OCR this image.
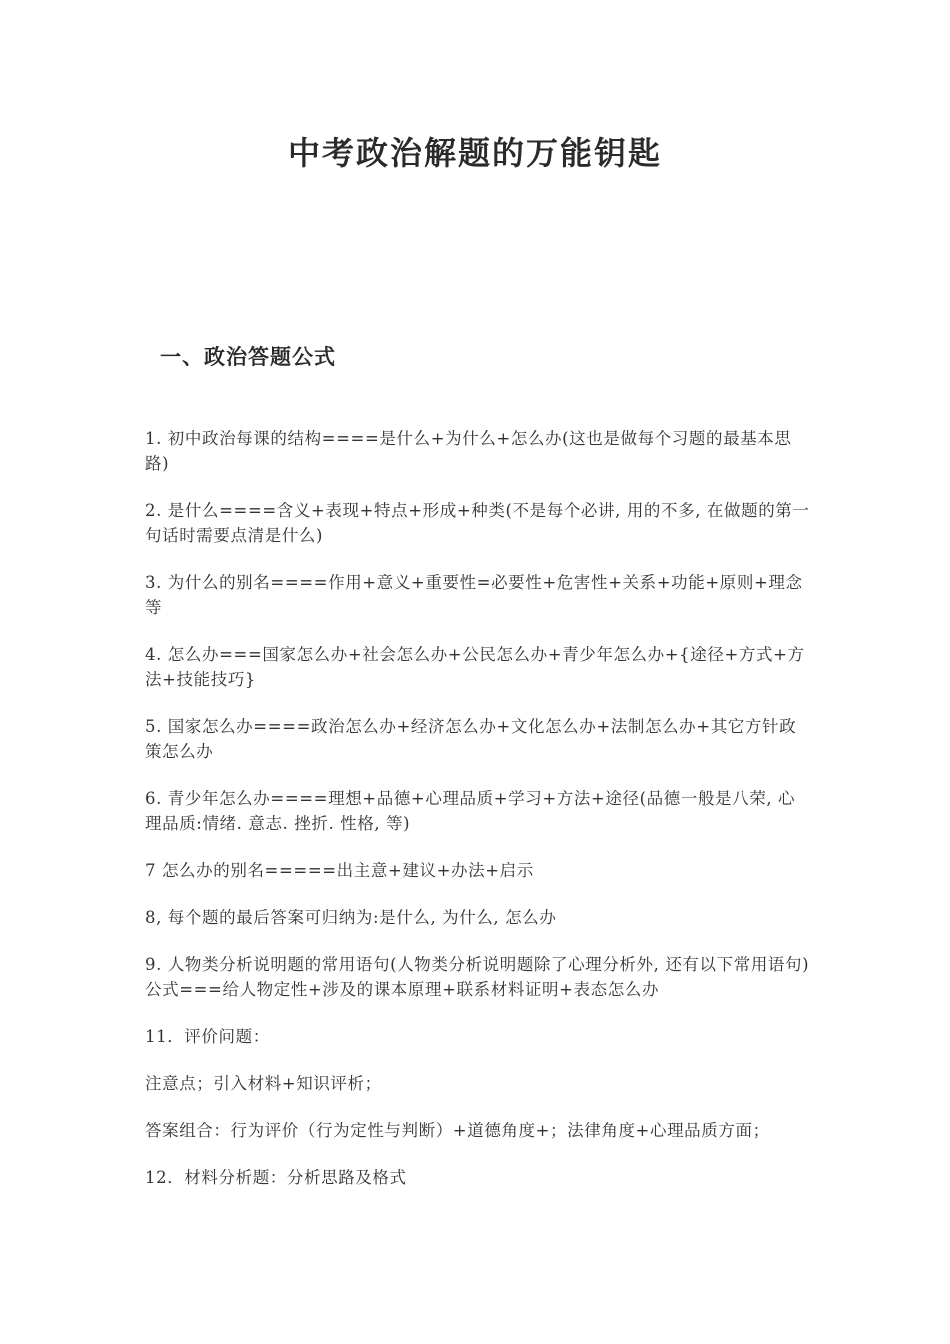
中考政治解题的万能钥匙
一、政治答题公式

1. 初中政治每课的结构====是什么+为什么+怎么办(这也是做每个习题的最基本思路)

2. 是什么====含义+表现+特点+形成+种类(不是每个必讲, 用的不多, 在做题的第一句话时需要点清是什么)

3. 为什么的别名====作用+意义+重要性=必要性+危害性+关系+功能+原则+理念等

4. 怎么办===国家怎么办+社会怎么办+公民怎么办+青少年怎么办+{途径+方式+方法+技能技巧}

5. 国家怎么办====政治怎么办+经济怎么办+文化怎么办+法制怎么办+其它方针政策怎么办

6. 青少年怎么办====理想+品德+心理品质+学习+方法+途径(品德一般是八荣, 心理品质:情绪. 意志. 挫折. 性格, 等)

7 怎么办的别名=====出主意+建议+办法+启示

8, 每个题的最后答案可归纳为:是什么, 为什么, 怎么办

9. 人物类分析说明题的常用语句(人物类分析说明题除了心理分析外, 还有以下常用语句)公式===给人物定性+涉及的课本原理+联系材料证明+表态怎么办

11．评价问题：

注意点；引入材料+知识评析；

答案组合：行为评价（行为定性与判断）+道德角度+；法律角度+心理品质方面；

12．材料分析题：分析思路及格式
